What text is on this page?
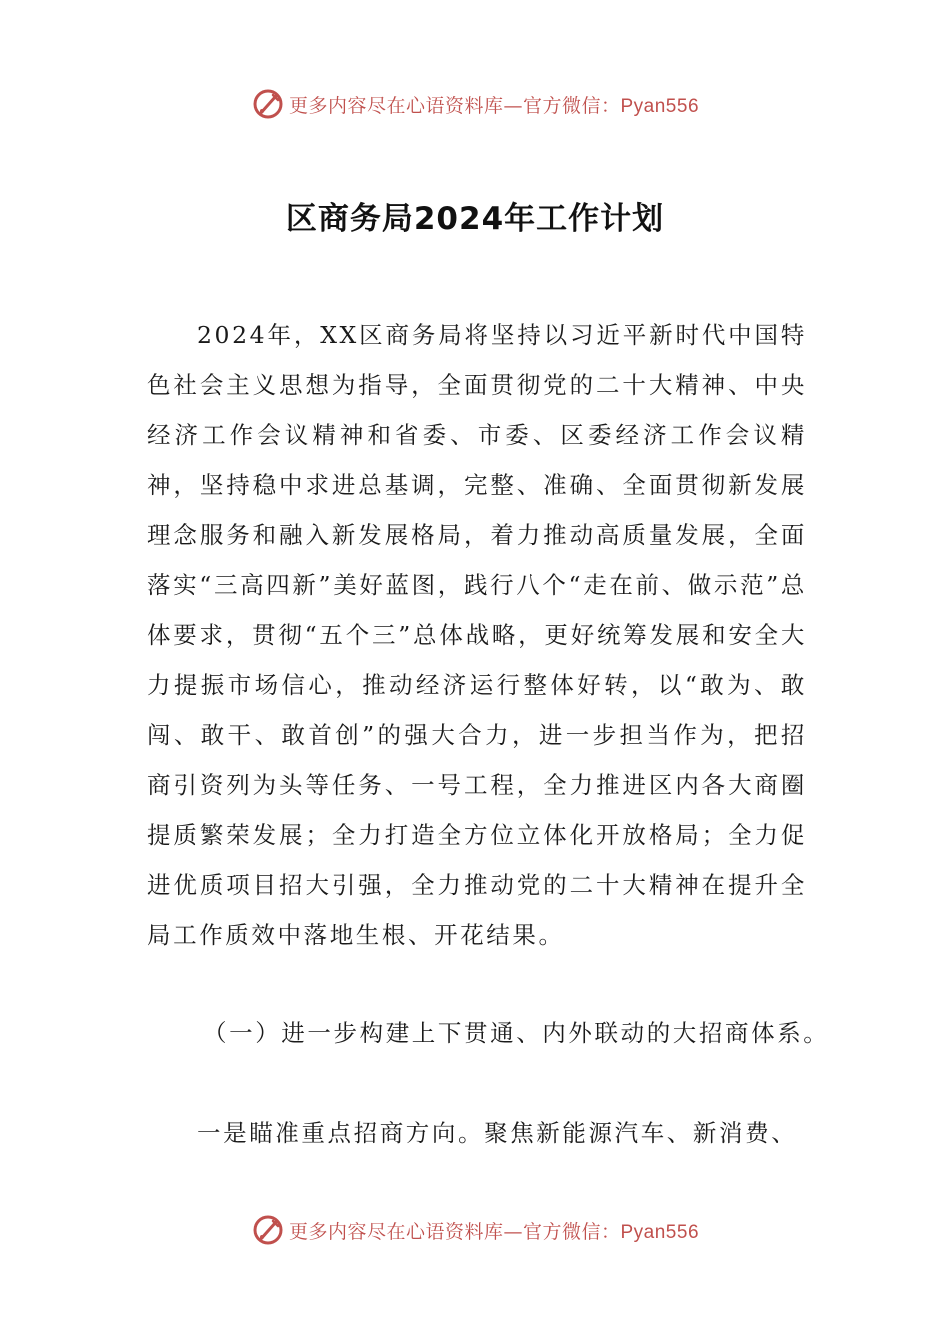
更多内容尽在心语资料库—官方微信：Pyan556
区商务局2024年工作计划

2024年，XX区商务局将坚持以习近平新时代中国特色社会主义思想为指导，全面贯彻党的二十大精神、中央经济工作会议精神和省委、市委、区委经济工作会议精神，坚持稳中求进总基调，完整、准确、全面贯彻新发展理念服务和融入新发展格局，着力推动高质量发展，全面落实“三高四新”美好蓝图，践行八个“走在前、做示范”总体要求，贯彻“五个三”总体战略，更好统筹发展和安全大力提振市场信心，推动经济运行整体好转，以“敢为、敢闯、敢干、敢首创”的强大合力，进一步担当作为，把招商引资列为头等任务、一号工程，全力推进区内各大商圈提质繁荣发展；全力打造全方位立体化开放格局；全力促进优质项目招大引强，全力推动党的二十大精神在提升全局工作质效中落地生根、开花结果。

（一）进一步构建上下贯通、内外联动的大招商体系。

一是瞄准重点招商方向。聚焦新能源汽车、新消费、

更多内容尽在心语资料库—官方微信：Pyan556
